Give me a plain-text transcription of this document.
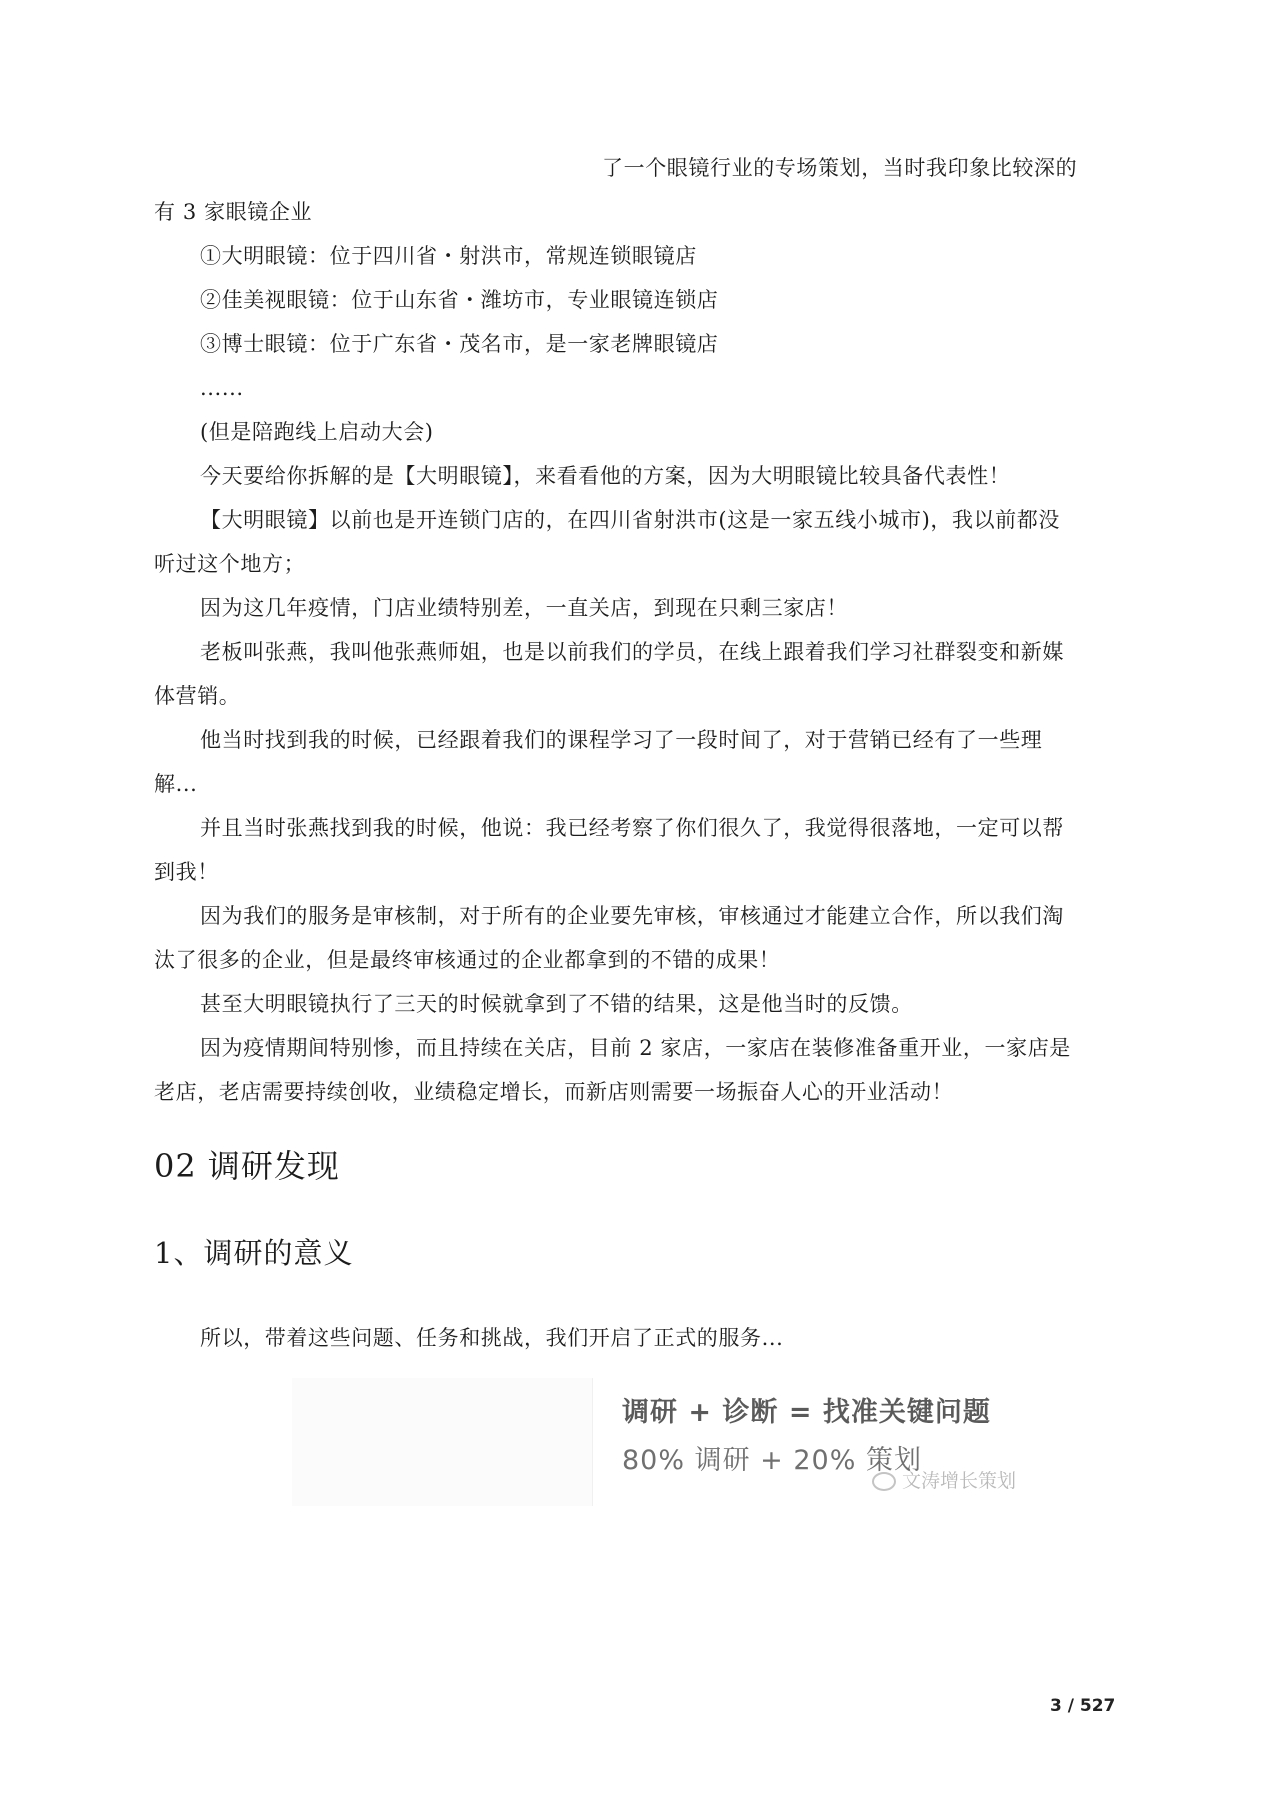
了一个眼镜行业的专场策划，当时我印象比较深的
有 3 家眼镜企业
①大明眼镜：位于四川省・射洪市，常规连锁眼镜店
②佳美视眼镜：位于山东省・潍坊市，专业眼镜连锁店
③博士眼镜：位于广东省・茂名市，是一家老牌眼镜店
......
(但是陪跑线上启动大会)
今天要给你拆解的是【大明眼镜】，来看看他的方案，因为大明眼镜比较具备代表性！
【大明眼镜】以前也是开连锁门店的，在四川省射洪市(这是一家五线小城市)，我以前都没
听过这个地方；
因为这几年疫情，门店业绩特别差，一直关店，到现在只剩三家店！
老板叫张燕，我叫他张燕师姐，也是以前我们的学员，在线上跟着我们学习社群裂变和新媒
体营销。
他当时找到我的时候，已经跟着我们的课程学习了一段时间了，对于营销已经有了一些理
解...
并且当时张燕找到我的时候，他说：我已经考察了你们很久了，我觉得很落地，一定可以帮
到我！
因为我们的服务是审核制，对于所有的企业要先审核，审核通过才能建立合作，所以我们淘
汰了很多的企业，但是最终审核通过的企业都拿到的不错的成果！
甚至大明眼镜执行了三天的时候就拿到了不错的结果，这是他当时的反馈。
因为疫情期间特别惨，而且持续在关店，目前 2 家店，一家店在装修准备重开业，一家店是
老店，老店需要持续创收，业绩稳定增长，而新店则需要一场振奋人心的开业活动！
02 调研发现
1、调研的意义
所以，带着这些问题、任务和挑战，我们开启了正式的服务...
调研 + 诊断 = 找准关键问题
80% 调研 + 20% 策划
文涛增长策划
3 / 527
